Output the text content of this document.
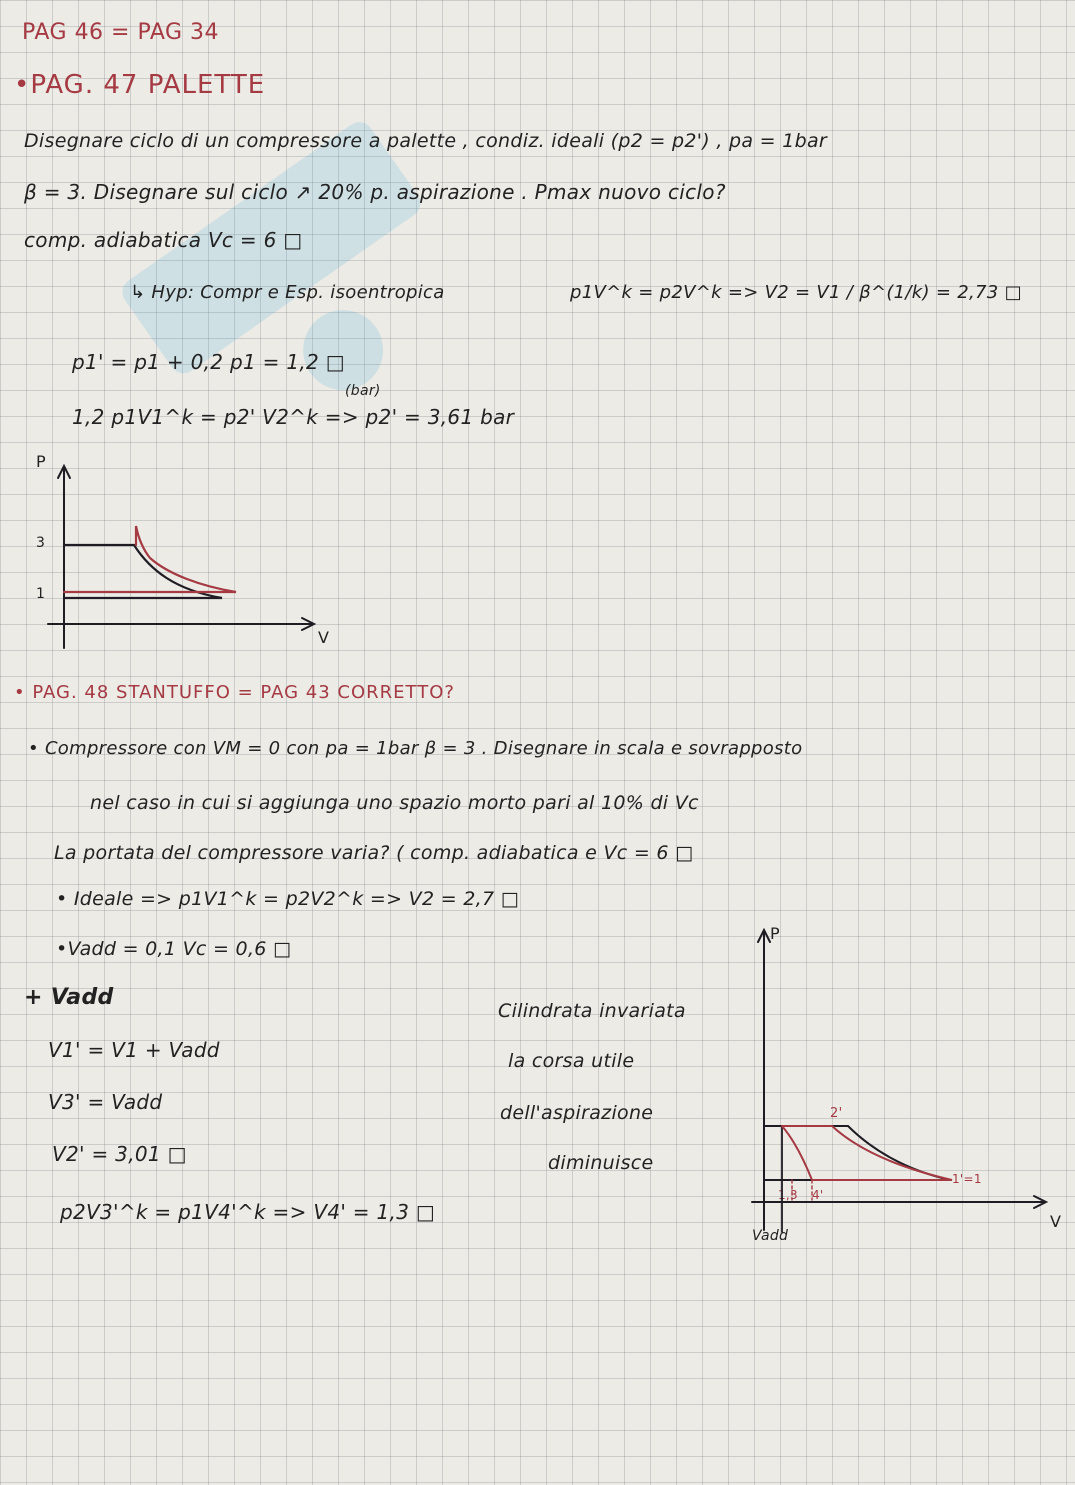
PAG 46 = PAG 34
•PAG. 47 PALETTE
Disegnare ciclo di un compressore a palette , condiz. ideali (p2 = p2') , pa = 1bar
β = 3. Disegnare sul ciclo ↗ 20% p. aspirazione . Pmax nuovo ciclo?
comp. adiabatica Vc = 6 □
↳ Hyp: Compr e Esp. isoentropica	p1V^k = p2V^k => V2 = V1 / β^(1/k) = 2,73 □
p1' = p1 + 0,2 p1 = 1,2 □
(bar)
1,2 p1V1^k = p2' V2^k => p2' = 3,61 bar
P
V
3
1
• PAG. 48 STANTUFFO = PAG 43 CORRETTO?
• Compressore con VM = 0 con pa = 1bar β = 3 . Disegnare in scala e sovrapposto
nel caso in cui si aggiunga uno spazio morto pari al 10% di Vc
La portata del compressore varia? ( comp. adiabatica e Vc = 6 □
• Ideale => p1V1^k = p2V2^k => V2 = 2,7 □
•Vadd = 0,1 Vc = 0,6 □
+ Vadd
V1' = V1 + Vadd
V3' = Vadd
V2' = 3,01 □
p2V3'^k = p1V4'^k => V4' = 1,3 □
Cilindrata invariata
la corsa utile
dell'aspirazione
diminuisce
P
V
2'
1'=1
1,3 4'
Vadd
